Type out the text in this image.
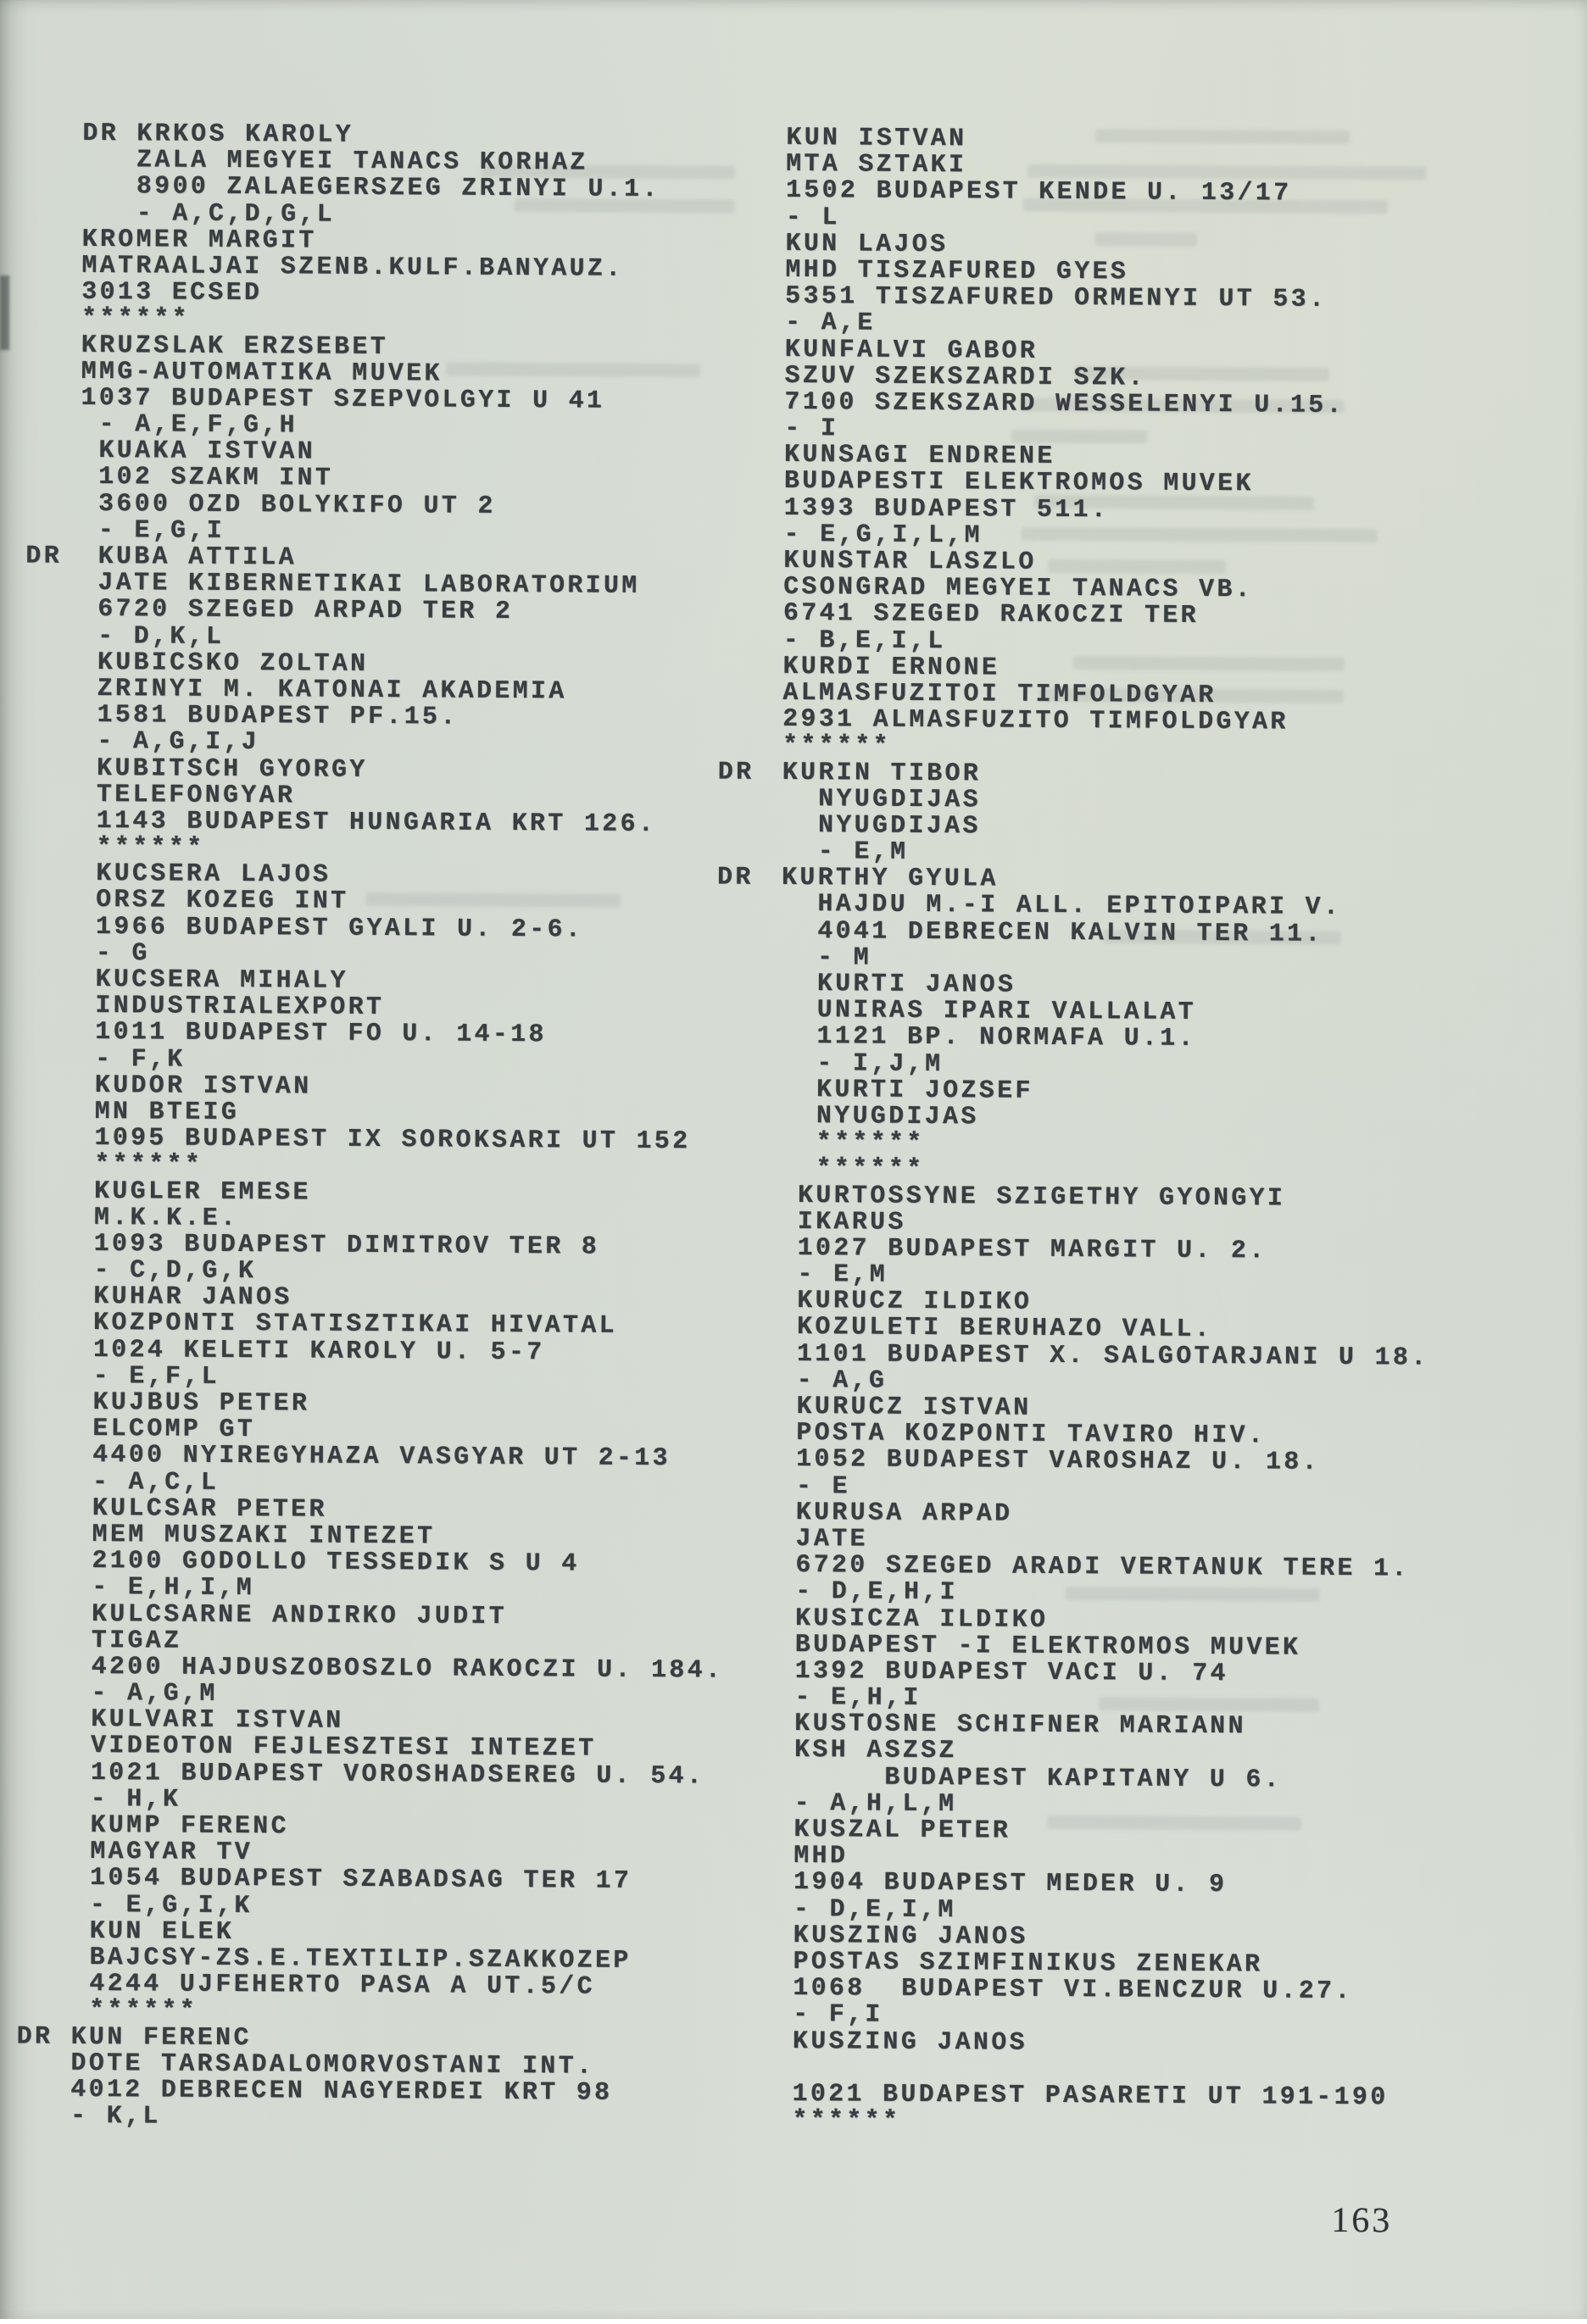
DR KRKOS KAROLY
ZALA MEGYEI TANACS KORHAZ
8900 ZALAEGERSZEG ZRINYI U.1.
- A,C,D,G,L
KROMER MARGIT
MATRAALJAI SZENB.KULF.BANYAUZ.
3013 ECSED
******
KRUZSLAK ERZSEBET
MMG-AUTOMATIKA MUVEK
1037 BUDAPEST SZEPVOLGYI U 41
- A,E,F,G,H
KUAKA ISTVAN
102 SZAKM INT
3600 OZD BOLYKIFO UT 2
- E,G,I
DR KUBA ATTILA
JATE KIBERNETIKAI LABORATORIUM
6720 SZEGED ARPAD TER 2
- D,K,L
KUBICSKO ZOLTAN
ZRINYI M. KATONAI AKADEMIA
1581 BUDAPEST PF.15.
- A,G,I,J
KUBITSCH GYORGY
TELEFONGYAR
1143 BUDAPEST HUNGARIA KRT 126.
******
KUCSERA LAJOS
ORSZ KOZEG INT
1966 BUDAPEST GYALI U. 2-6.
- G
KUCSERA MIHALY
INDUSTRIALEXPORT
1011 BUDAPEST FO U. 14-18
- F,K
KUDOR ISTVAN
MN BTEIG
1095 BUDAPEST IX SOROKSARI UT 152
******
KUGLER EMESE
M.K.K.E.
1093 BUDAPEST DIMITROV TER 8
- C,D,G,K
KUHAR JANOS
KOZPONTI STATISZTIKAI HIVATAL
1024 KELETI KAROLY U. 5-7
- E,F,L
KUJBUS PETER
ELCOMP GT
4400 NYIREGYHAZA VASGYAR UT 2-13
- A,C,L
KULCSAR PETER
MEM MUSZAKI INTEZET
2100 GODOLLO TESSEDIK S U 4
- E,H,I,M
KULCSARNE ANDIRKO JUDIT
TIGAZ
4200 HAJDUSZOBOSZLO RAKOCZI U. 184.
- A,G,M
KULVARI ISTVAN
VIDEOTON FEJLESZTESI INTEZET
1021 BUDAPEST VOROSHADSEREG U. 54.
- H,K
KUMP FERENC
MAGYAR TV
1054 BUDAPEST SZABADSAG TER 17
- E,G,I,K
KUN ELEK
BAJCSY-ZS.E.TEXTILIP.SZAKKOZEP
4244 UJFEHERTO PASA A UT.5/C
******
DR KUN FERENC
DOTE TARSADALOMORVOSTANI INT.
4012 DEBRECEN NAGYERDEI KRT 98
- K,L
KUN ISTVAN
MTA SZTAKI
1502 BUDAPEST KENDE U. 13/17
- L
KUN LAJOS
MHD TISZAFURED GYES
5351 TISZAFURED ORMENYI UT 53.
- A,E
KUNFALVI GABOR
SZUV SZEKSZARDI SZK.
7100 SZEKSZARD WESSELENYI U.15.
- I
KUNSAGI ENDRENE
BUDAPESTI ELEKTROMOS MUVEK
1393 BUDAPEST 511.
- E,G,I,L,M
KUNSTAR LASZLO
CSONGRAD MEGYEI TANACS VB.
6741 SZEGED RAKOCZI TER
- B,E,I,L
KURDI ERNONE
ALMASFUZITOI TIMFOLDGYAR
2931 ALMASFUZITO TIMFOLDGYAR
******
DR KURIN TIBOR
NYUGDIJAS
NYUGDIJAS
- E,M
DR KURTHY GYULA
HAJDU M.-I ALL. EPITOIPARI V.
4041 DEBRECEN KALVIN TER 11.
- M
KURTI JANOS
UNIRAS IPARI VALLALAT
1121 BP. NORMAFA U.1.
- I,J,M
KURTI JOZSEF
NYUGDIJAS
******
******
KURTOSSYNE SZIGETHY GYONGYI
IKARUS
1027 BUDAPEST MARGIT U. 2.
- E,M
KURUCZ ILDIKO
KOZULETI BERUHAZO VALL.
1101 BUDAPEST X. SALGOTARJANI U 18.
- A,G
KURUCZ ISTVAN
POSTA KOZPONTI TAVIRO HIV.
1052 BUDAPEST VAROSHAZ U. 18.
- E
KURUSA ARPAD
JATE
6720 SZEGED ARADI VERTANUK TERE 1.
- D,E,H,I
KUSICZA ILDIKO
BUDAPEST -I ELEKTROMOS MUVEK
1392 BUDAPEST VACI U. 74
- E,H,I
KUSTOSNE SCHIFNER MARIANN
KSH ASZSZ
BUDAPEST KAPITANY U 6.
- A,H,L,M
KUSZAL PETER
MHD
1904 BUDAPEST MEDER U. 9
- D,E,I,M
KUSZING JANOS
POSTAS SZIMFINIKUS ZENEKAR
1068  BUDAPEST VI.BENCZUR U.27.
- F,I
KUSZING JANOS
1021 BUDAPEST PASARETI UT 191-190
******
163
